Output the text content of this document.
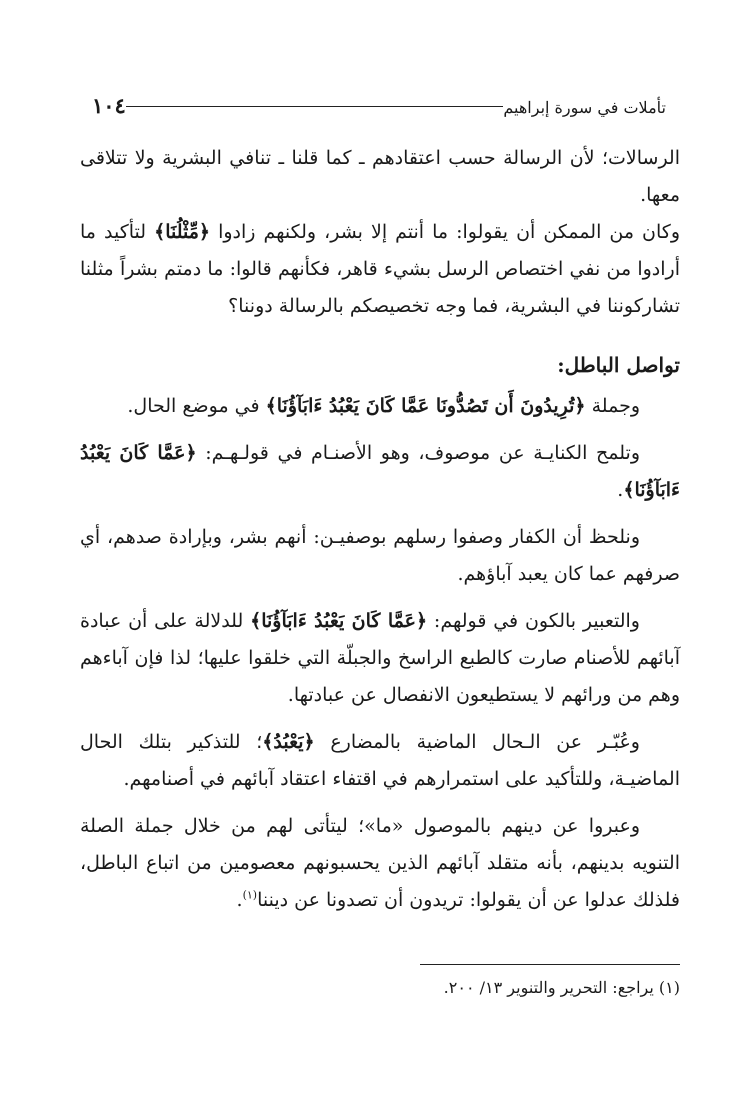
تأملات في سورة إبراهيم
١٠٤

الرسالات؛ لأن الرسالة حسب اعتقادهم ـ كما قلنا ـ تنافي البشرية ولا تتلاقى معها.

وكان من الممكن أن يقولوا: ما أنتم إلا بشر، ولكنهم زادوا ﴿مِّثْلُنَا﴾ لتأكيد ما أرادوا من نفي اختصاص الرسل بشيء قاهر، فكأنهم قالوا: ما دمتم بشراً مثلنا تشاركوننا في البشرية، فما وجه تخصيصكم بالرسالة دوننا؟

تواصل الباطل:

وجملة ﴿تُرِيدُونَ أَن تَصُدُّونَا عَمَّا كَانَ يَعْبُدُ ءَابَآؤُنَا﴾ في موضع الحال.

وتلمح الكنايـة عن موصوف، وهو الأصنـام في قولـهـم: ﴿عَمَّا كَانَ يَعْبُدُ ءَابَآؤُنَا﴾.

ونلحظ أن الكفار وصفوا رسلهم بوصفيـن: أنهم بشر، وبإرادة صدهم، أي صرفهم عما كان يعبد آباؤهم.

والتعبير بالكون في قولهم: ﴿عَمَّا كَانَ يَعْبُدُ ءَابَآؤُنَا﴾ للدلالة على أن عبادة آبائهم للأصنام صارت كالطبع الراسخ والجبلّة التي خلقوا عليها؛ لذا فإن آباءهم وهم من ورائهم لا يستطيعون الانفصال عن عبادتها.

وعُبّـر عن الـحال الماضية بالمضارع ﴿يَعْبُدُ﴾؛ للتذكير بتلك الحال الماضيـة، وللتأكيد على استمرارهم في اقتفاء اعتقاد آبائهم في أصنامهم.

وعبروا عن دينهم بالموصول «ما»؛ ليتأتى لهم من خلال جملة الصلة التنويه بدينهم، بأنه متقلد آبائهم الذين يحسبونهم معصومين من اتباع الباطل، فلذلك عدلوا عن أن يقولوا: تريدون أن تصدونا عن ديننا$^{(١)}$.

(١) يراجع: التحرير والتنوير ١٣/ ٢٠٠.
